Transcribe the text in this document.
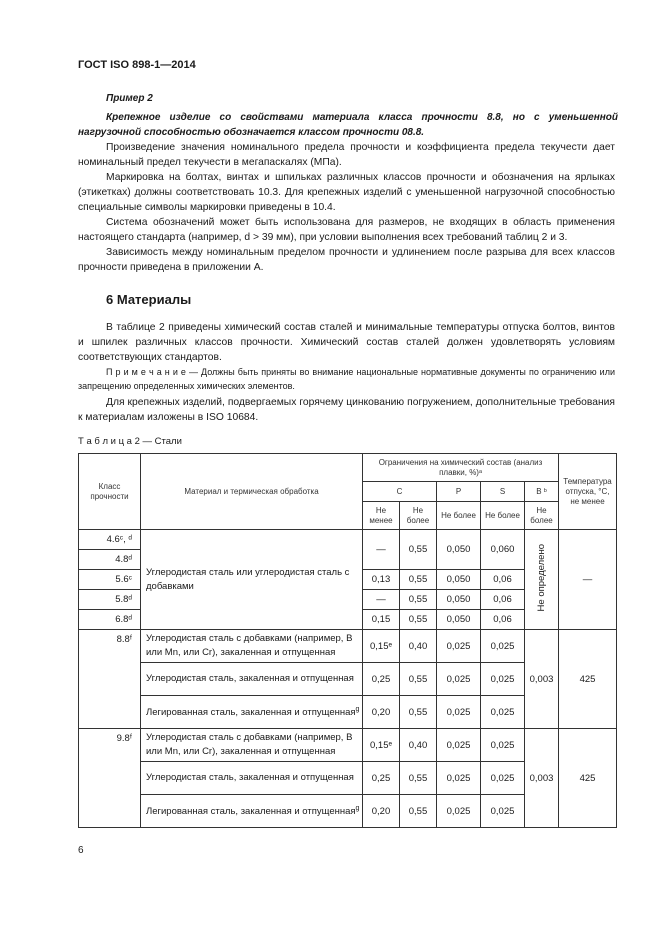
ГОСТ ISO 898-1—2014
Пример 2

Крепежное изделие со свойствами материала класса прочности 8.8, но с уменьшенной нагрузочной способностью обозначается классом прочности 08.8.

Произведение значения номинального предела прочности и коэффициента предела текучести дает номинальный предел текучести в мегапаскалях (МПа).

Маркировка на болтах, винтах и шпильках различных классов прочности и обозначения на ярлыках (этикетках) должны соответствовать 10.3. Для крепежных изделий с уменьшенной нагрузочной способностью специальные символы маркировки приведены в 10.4.

Система обозначений может быть использована для размеров, не входящих в область применения настоящего стандарта (например, d > 39 мм), при условии выполнения всех требований таблиц 2 и 3.

Зависимость между номинальным пределом прочности и удлинением после разрыва для всех классов прочности приведена в приложении А.

6 Материалы

В таблице 2 приведены химический состав сталей и минимальные температуры отпуска болтов, винтов и шпилек различных классов прочности. Химический состав сталей должен удовлетворять условиям соответствующих стандартов.

П р и м е ч а н и е — Должны быть приняты во внимание национальные нормативные документы по ограничению или запрещению определенных химических элементов.

Для крепежных изделий, подвергаемых горячему цинкованию погружением, дополнительные требования к материалам изложены в ISO 10684.

Т а б л и ц а 2 — Стали
Класс прочности	Материал и термическая обработка	Ограничения на химический состав (анализ плавки, %)ᵃ					Температура отпуска, °С, не менее
		C		P	S	B ᵇ	
		Не менее	Не более	Не более	Не более	Не более	
4.6ᶜ, ᵈ	Углеродистая сталь или углеродистая сталь с добавками	—	0,55	0,050	0,060	Не определено	—
4.8ᵈ							
5.6ᶜ		0,13	0,55	0,050	0,06		
5.8ᵈ		—	0,55	0,050	0,06		
6.8ᵈ		0,15	0,55	0,050	0,06		
8.8ᶠ	Углеродистая сталь с добавками (например, В или Mn, или Cr), закаленная и отпущенная	0,15ᵉ	0,40	0,025	0,025	0,003	425
	Углеродистая сталь, закаленная и отпущенная	0,25	0,55	0,025	0,025		
	Легированная сталь, закаленная и отпущенная$^g$	0,20	0,55	0,025	0,025		
9.8ᶠ	Углеродистая сталь с добавками (например, В или Mn, или Cr), закаленная и отпущенная	0,15ᵉ	0,40	0,025	0,025	0,003	425
	Углеродистая сталь, закаленная и отпущенная	0,25	0,55	0,025	0,025		
	Легированная сталь, закаленная и отпущенная$^g$	0,20	0,55	0,025	0,025		
6
